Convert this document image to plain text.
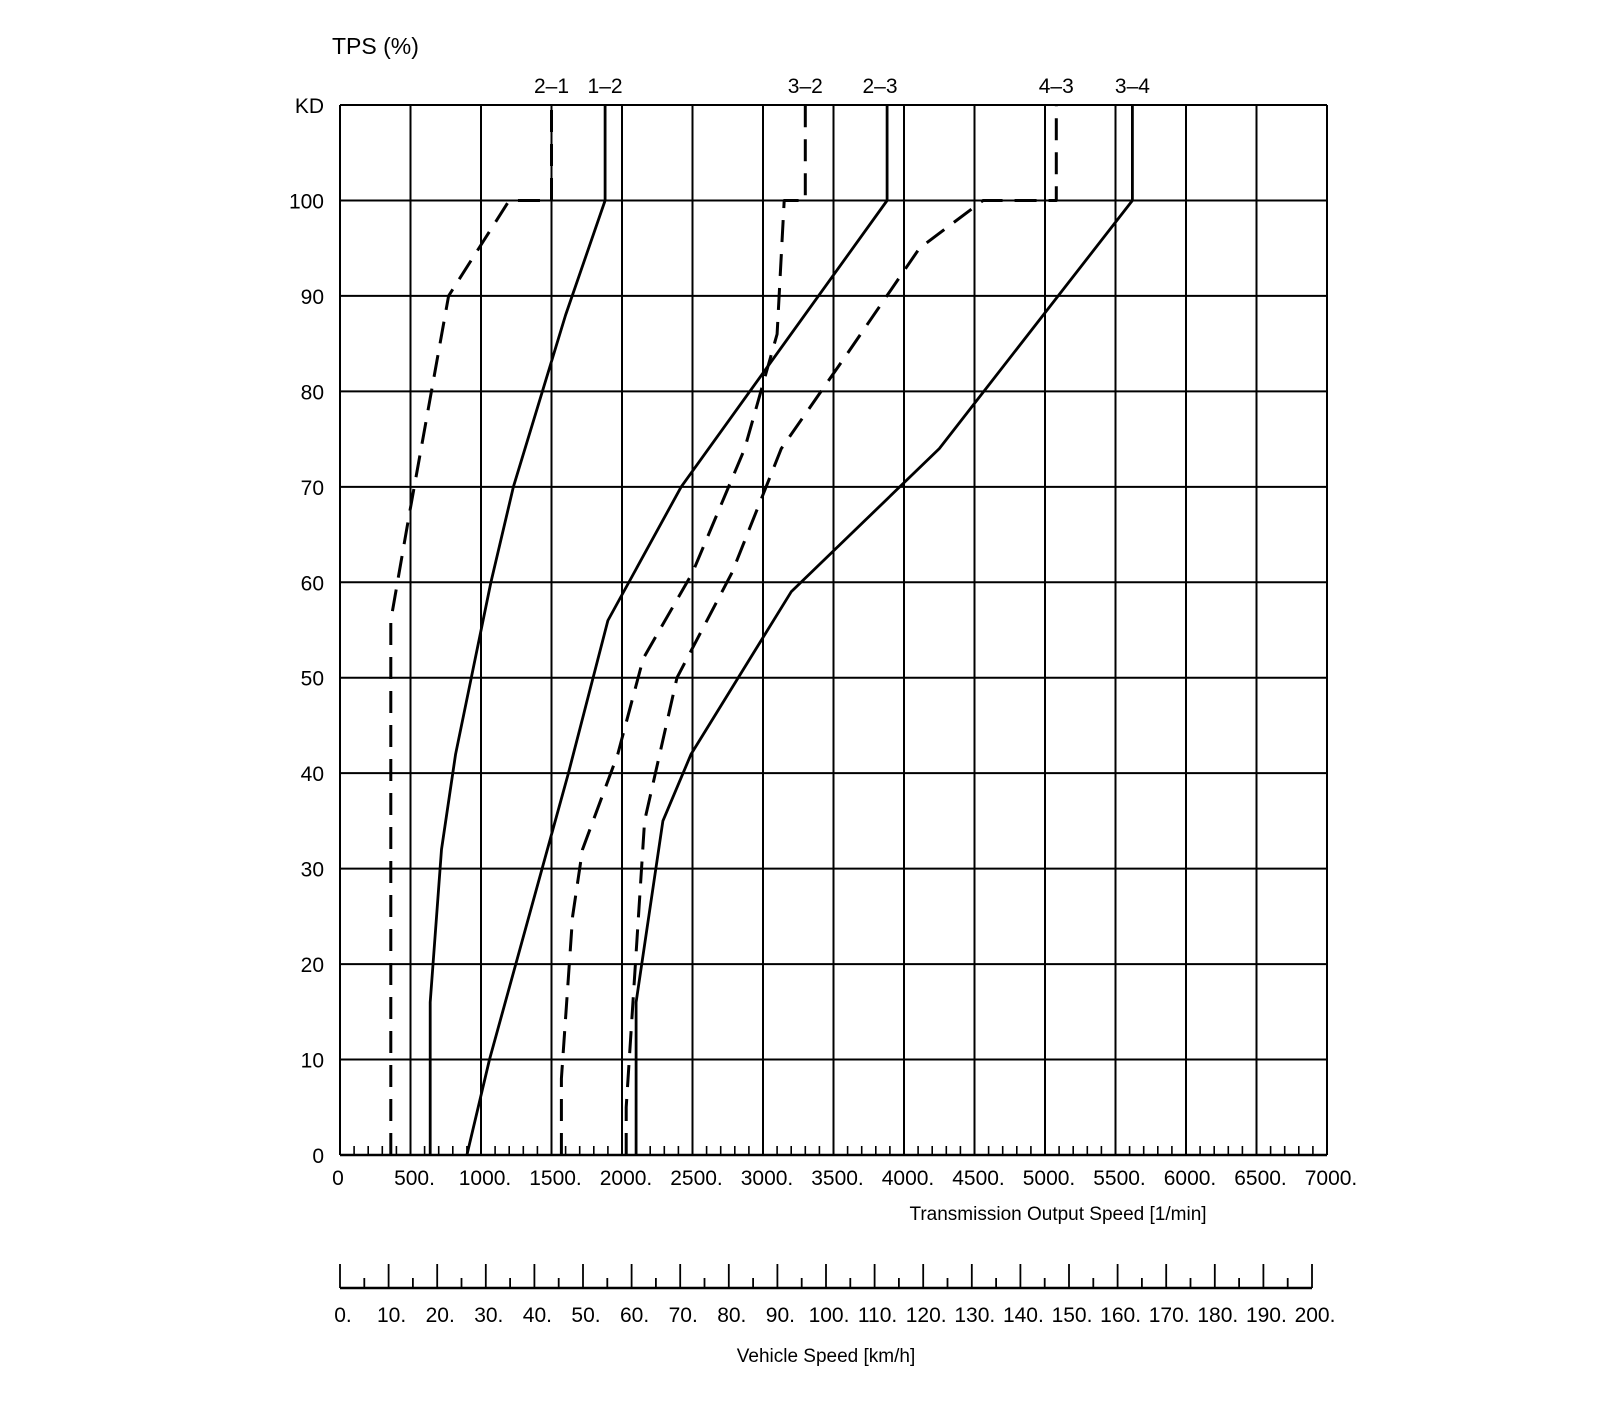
0
10
20
30
40
50
60
70
80
90
100
KD
0 500. 1000. 1500. 2000. 2500. 3000. 3500. 4000. 4500. 5000. 5500. 6000. 6500. 7000.
2–1 1–2	3–2 2–3	4–3 3–4
0. 10. 20. 30. 40. 50. 60. 70. 80. 90. 100. 110. 120. 130. 140. 150. 160. 170. 180. 190. 200.
TPS (%)
Transmission Output Speed [1/min]
Vehicle Speed [km/h]
